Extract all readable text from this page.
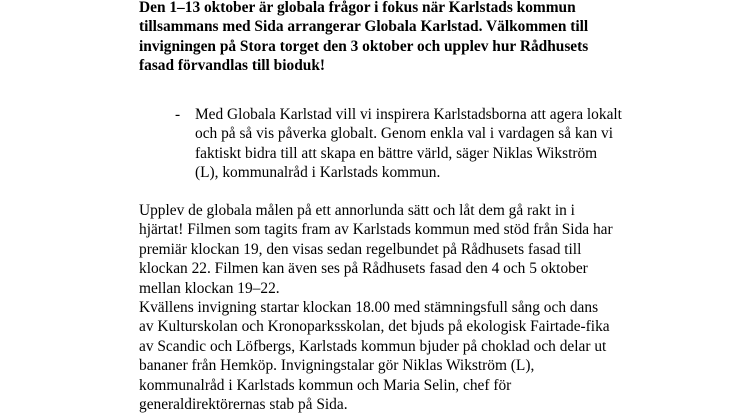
Den 1–13 oktober är globala frågor i fokus när Karlstads kommun
tillsammans med Sida arrangerar Globala Karlstad. Välkommen till
invigningen på Stora torget den 3 oktober och upplev hur Rådhusets
fasad förvandlas till bioduk!

- Med Globala Karlstad vill vi inspirera Karlstadsborna att agera lokalt
och på så vis påverka globalt. Genom enkla val i vardagen så kan vi
faktiskt bidra till att skapa en bättre värld, säger Niklas Wikström
(L), kommunalråd i Karlstads kommun.

Upplev de globala målen på ett annorlunda sätt och låt dem gå rakt in i
hjärtat! Filmen som tagits fram av Karlstads kommun med stöd från Sida har
premiär klockan 19, den visas sedan regelbundet på Rådhusets fasad till
klockan 22. Filmen kan även ses på Rådhusets fasad den 4 och 5 oktober
mellan klockan 19–22.

Kvällens invigning startar klockan 18.00 med stämningsfull sång och dans
av Kulturskolan och Kronoparksskolan, det bjuds på ekologisk Fairtade-fika
av Scandic och Löfbergs, Karlstads kommun bjuder på choklad och delar ut
bananer från Hemköp. Invigningstalar gör Niklas Wikström (L),
kommunalråd i Karlstads kommun och Maria Selin, chef för
generaldirektörernas stab på Sida.
